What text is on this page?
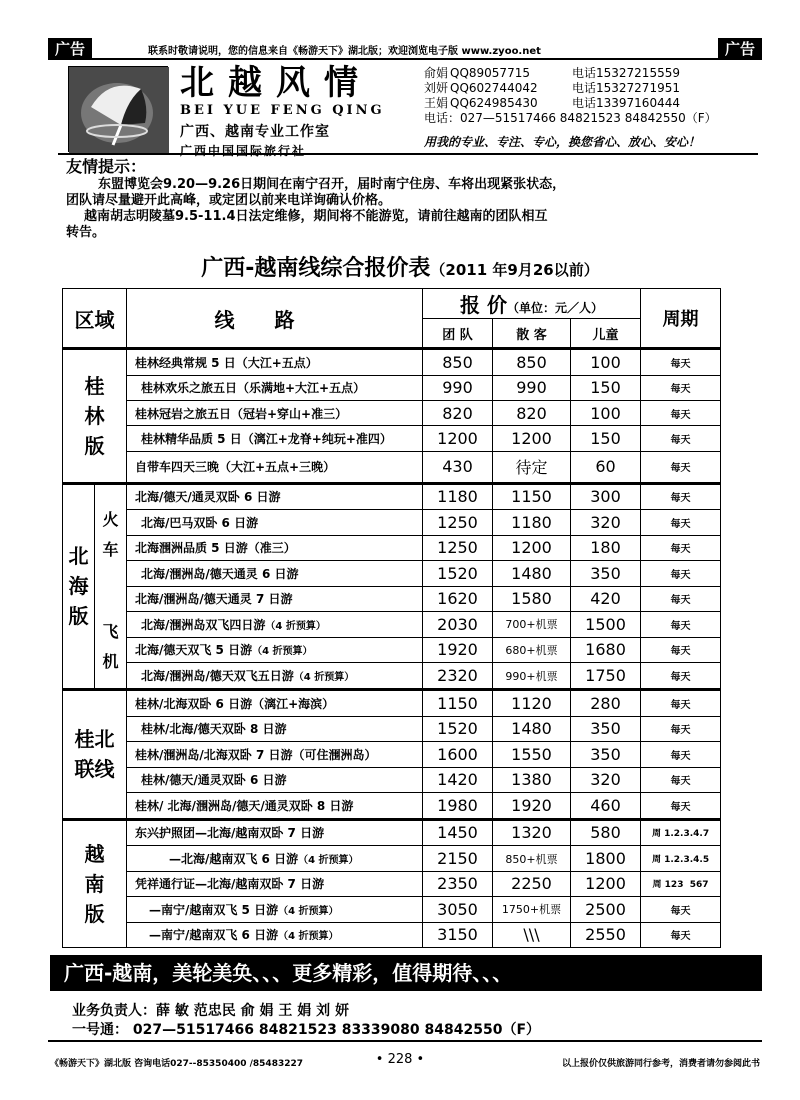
广告	联系时敬请说明，您的信息来自《畅游天下》湖北版；欢迎浏览电子版 www.zyoo.net	广告
北越风情
BEI YUE FENG QING
广西、越南专业工作室
广西中国国际旅行社
俞娟 QQ89057715	电话15327215559
刘妍 QQ602744042	电话15327271951
王娟 QQ624985430	电话13397160444
电话：027—51517466 84821523 84842550（F）
用我的专业、专注、专心，换您省心、放心、安心！
友情提示：

东盟博览会9.20—9.26日期间在南宁召开，届时南宁住房、车将出现紧张状态，

团队请尽量避开此高峰，或定团以前来电详询确认价格。

越南胡志明陵墓9.5-11.4日法定维修，期间将不能游览，请前往越南的团队相互

转告。

广西-越南线综合报价表（2011 年9月26以前）
区域		线路	报 价（单位：元／人）			周期
			团 队	散 客	儿童	

桂林版		桂林经典常规 5 日（大江+五点）	850	850	100	每天
		桂林欢乐之旅五日（乐满地+大江+五点）	990	990	150	每天
		桂林冠岩之旅五日（冠岩+穿山+准三）	820	820	100	每天
		桂林精华品质 5 日（漓江+龙脊+纯玩+准四）	1200	1200	150	每天
		自带车四天三晚（大江+五点+三晚）	430	待定	60	每天

北海版	火车	北海/德天/通灵双卧 6 日游	1180	1150	300	每天
		北海/巴马双卧 6 日游	1250	1180	320	每天
		北海涠洲品质 5 日游（准三）	1250	1200	180	每天
		北海/涠洲岛/德天通灵 6 日游	1520	1480	350	每天

	飞机	北海/涠洲岛/德天通灵 7 日游	1620	1580	420	每天
		北海/涠洲岛双飞四日游（4 折预算）	2030	700+机票	1500	每天
		北海/德天双飞 5 日游（4 折预算）	1920	680+机票	1680	每天
		北海/涠洲岛/德天双飞五日游（4 折预算）	2320	990+机票	1750	每天

桂北联线		桂林/北海双卧 6 日游（漓江+海滨）	1150	1120	280	每天
		桂林/北海/德天双卧 8 日游	1520	1480	350	每天
		桂林/涠洲岛/北海双卧 7 日游（可住涠洲岛）	1600	1550	350	每天
		桂林/德天/通灵双卧 6 日游	1420	1380	320	每天
		桂林/ 北海/涠洲岛/德天/通灵双卧 8 日游	1980	1920	460	每天

越南版		东兴护照团—北海/越南双卧 7 日游	1450	1320	580	周 1.2.3.4.7
		—北海/越南双飞 6 日游（4 折预算）	2150	850+机票	1800	周 1.2.3.4.5
		凭祥通行证—北海/越南双卧 7 日游	2350	2250	1200	周 123  567
		—南宁/越南双飞 5 日游（4 折预算）	3050	1750+机票	2500	每天
		—南宁/越南双飞 6 日游（4 折预算）	3150	\\\	2550	每天
广西-越南，美轮美奂、、、更多精彩，值得期待、、、
业务负责人：薛 敏 范忠民 俞 娟 王 娟 刘 妍
一号通： 027—51517466 84821523 83339080 84842550（F）
《畅游天下》湖北版 咨询电话027--85350400 /85483227	• 228 •	以上报价仅供旅游同行参考，消费者请勿参阅此书
